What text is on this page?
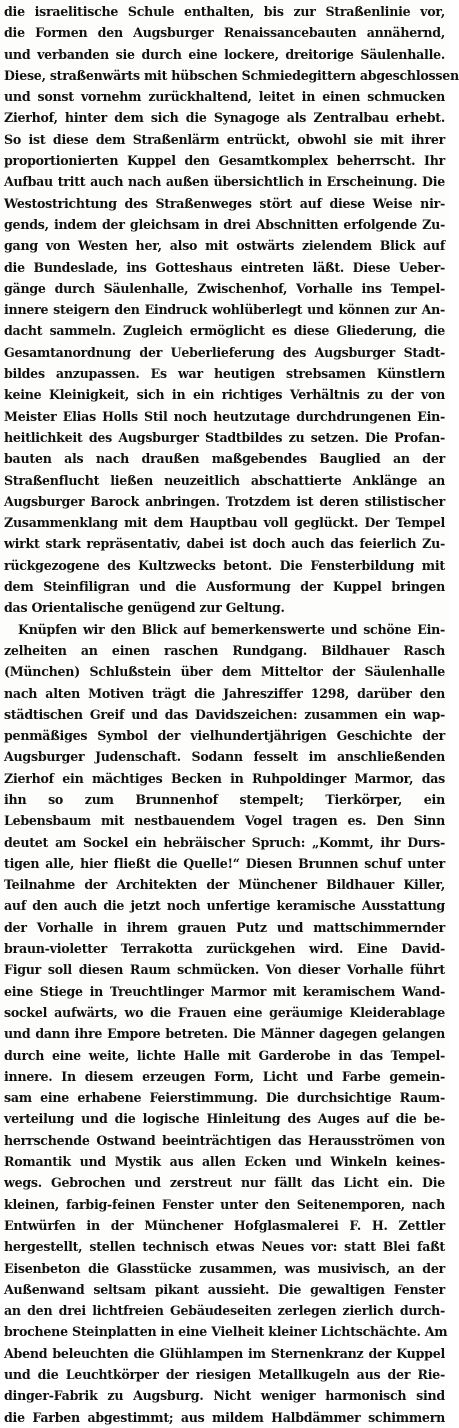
die israelitische Schule enthalten, bis zur Straßenlinie vor,
die Formen den Augsburger Renaissancebauten annähernd,
und verbanden sie durch eine lockere, dreitorige Säulenhalle.
Diese, straßenwärts mit hübschen Schmiedegittern abgeschlossen
und sonst vornehm zurückhaltend, leitet in einen schmucken
Zierhof, hinter dem sich die Synagoge als Zentralbau erhebt.
So ist diese dem Straßenlärm entrückt, obwohl sie mit ihrer
proportionierten Kuppel den Gesamtkomplex beherrscht. Ihr
Aufbau tritt auch nach außen übersichtlich in Erscheinung. Die
Westostrichtung des Straßenweges stört auf diese Weise nir-
gends, indem der gleichsam in drei Abschnitten erfolgende Zu-
gang von Westen her, also mit ostwärts zielendem Blick auf
die Bundeslade, ins Gotteshaus eintreten läßt. Diese Ueber-
gänge durch Säulenhalle, Zwischenhof, Vorhalle ins Tempel-
innere steigern den Eindruck wohlüberlegt und können zur An-
dacht sammeln. Zugleich ermöglicht es diese Gliederung, die
Gesamtanordnung der Ueberlieferung des Augsburger Stadt-
bildes anzupassen. Es war heutigen strebsamen Künstlern
keine Kleinigkeit, sich in ein richtiges Verhältnis zu der von
Meister Elias Holls Stil noch heutzutage durchdrungenen Ein-
heitlichkeit des Augsburger Stadtbildes zu setzen. Die Profan-
bauten als nach draußen maßgebendes Bauglied an der
Straßenflucht ließen neuzeitlich abschattierte Anklänge an
Augsburger Barock anbringen. Trotzdem ist deren stilistischer
Zusammenklang mit dem Hauptbau voll geglückt. Der Tempel
wirkt stark repräsentativ, dabei ist doch auch das feierlich Zu-
rückgezogene des Kultzwecks betont. Die Fensterbildung mit
dem Steinfiligran und die Ausformung der Kuppel bringen
das Orientalische genügend zur Geltung.
Knüpfen wir den Blick auf bemerkenswerte und schöne Ein-
zelheiten an einen raschen Rundgang. Bildhauer Rasch
(München) Schlußstein über dem Mitteltor der Säulenhalle
nach alten Motiven trägt die Jahresziffer 1298, darüber den
städtischen Greif und das Davidszeichen: zusammen ein wap-
penmäßiges Symbol der vielhundertjährigen Geschichte der
Augsburger Judenschaft. Sodann fesselt im anschließenden
Zierhof ein mächtiges Becken in Ruhpoldinger Marmor, das
ihn so zum Brunnenhof stempelt; Tierkörper, ein
Lebensbaum mit nestbauendem Vogel tragen es. Den Sinn
deutet am Sockel ein hebräischer Spruch: „Kommt, ihr Durs-
tigen alle, hier fließt die Quelle!“ Diesen Brunnen schuf unter
Teilnahme der Architekten der Münchener Bildhauer Killer,
auf den auch die jetzt noch unfertige keramische Ausstattung
der Vorhalle in ihrem grauen Putz und mattschimmernder
braun-violetter Terrakotta zurückgehen wird. Eine David-
Figur soll diesen Raum schmücken. Von dieser Vorhalle führt
eine Stiege in Treuchtlinger Marmor mit keramischem Wand-
sockel aufwärts, wo die Frauen eine geräumige Kleiderablage
und dann ihre Empore betreten. Die Männer dagegen gelangen
durch eine weite, lichte Halle mit Garderobe in das Tempel-
innere. In diesem erzeugen Form, Licht und Farbe gemein-
sam eine erhabene Feierstimmung. Die durchsichtige Raum-
verteilung und die logische Hinleitung des Auges auf die be-
herrschende Ostwand beeinträchtigen das Herausströmen von
Romantik und Mystik aus allen Ecken und Winkeln keines-
wegs. Gebrochen und zerstreut nur fällt das Licht ein. Die
kleinen, farbig-feinen Fenster unter den Seitenemporen, nach
Entwürfen in der Münchener Hofglasmalerei F. H. Zettler
hergestellt, stellen technisch etwas Neues vor: statt Blei faßt
Eisenbeton die Glasstücke zusammen, was musivisch, an der
Außenwand seltsam pikant aussieht. Die gewaltigen Fenster
an den drei lichtfreien Gebäudeseiten zerlegen zierlich durch-
brochene Steinplatten in eine Vielheit kleiner Lichtschächte. Am
Abend beleuchten die Glühlampen im Sternenkranz der Kuppel
und die Leuchtkörper der riesigen Metallkugeln aus der Rie-
dinger-Fabrik zu Augsburg. Nicht weniger harmonisch sind
die Farben abgestimmt; aus mildem Halbdämmer schimmern
